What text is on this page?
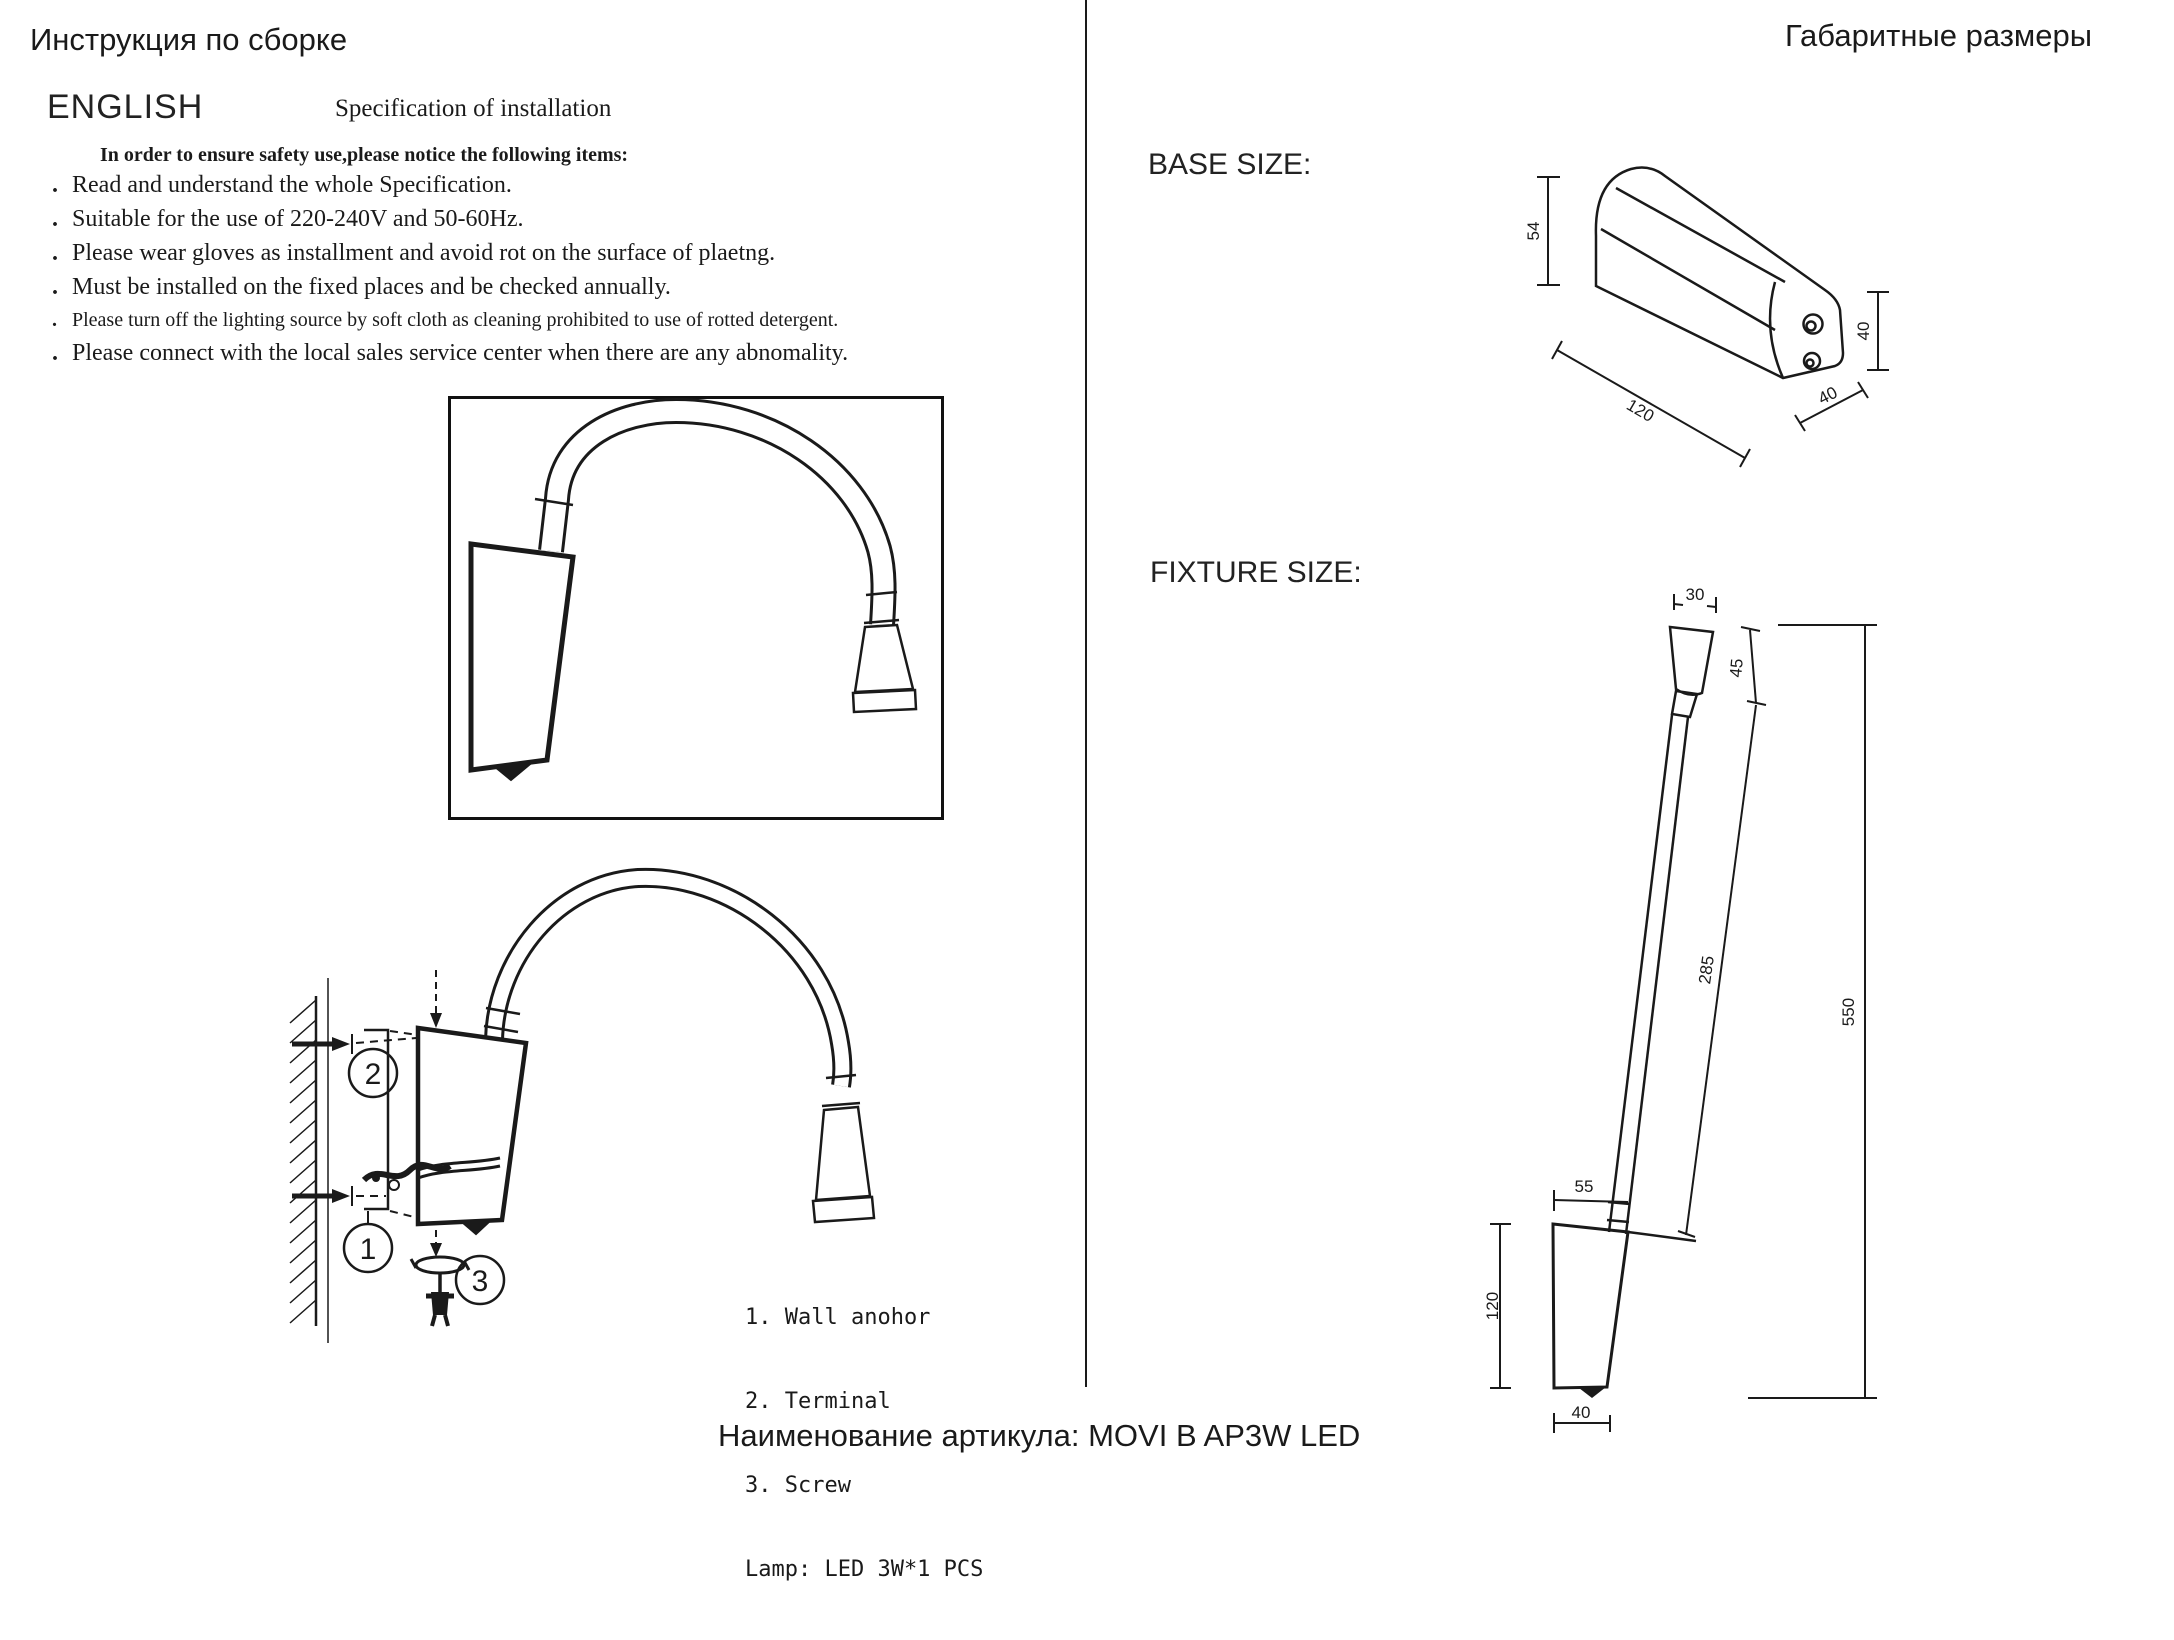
Инструкция по сборке
ENGLISH	Specification of installation
In order to ensure safety use,please notice the following items:
. Read and understand the whole Specification.
. Suitable for the use of 220-240V and 50-60Hz.
. Please wear gloves as installment and avoid rot on the surface of plaetng.
. Must be installed on the fixed places and be checked annually.
. Please turn off the lighting source by soft cloth as cleaning prohibited to use of rotted detergent.
. Please connect with the local sales service center when there are any abnomality.
2
1
3

1. Wall anohor

2. Terminal

3. Screw

Lamp: LED 3W*1 PCS

Габаритные размеры
BASE SIZE:
FIXTURE SIZE:
54
40
120	40
30
45
285
550
55
120
40
Наименование артикула: MOVI B AP3W LED
